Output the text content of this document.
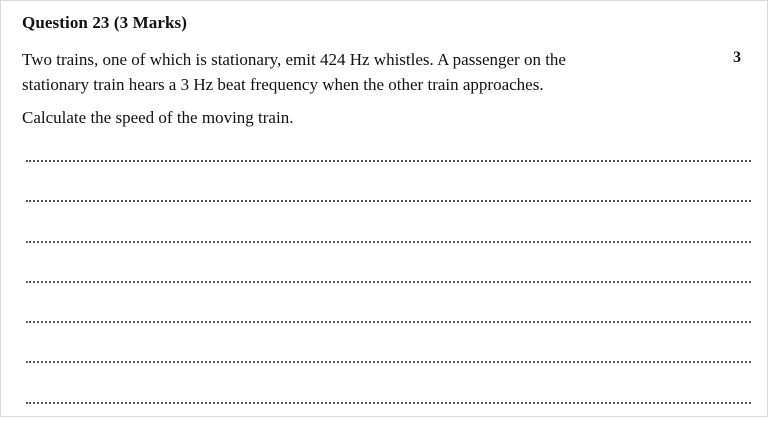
Question 23 (3 Marks)
3
Two trains, one of which is stationary, emit 424 Hz whistles. A passenger on the
stationary train hears a 3 Hz beat frequency when the other train approaches.
Calculate the speed of the moving train.
